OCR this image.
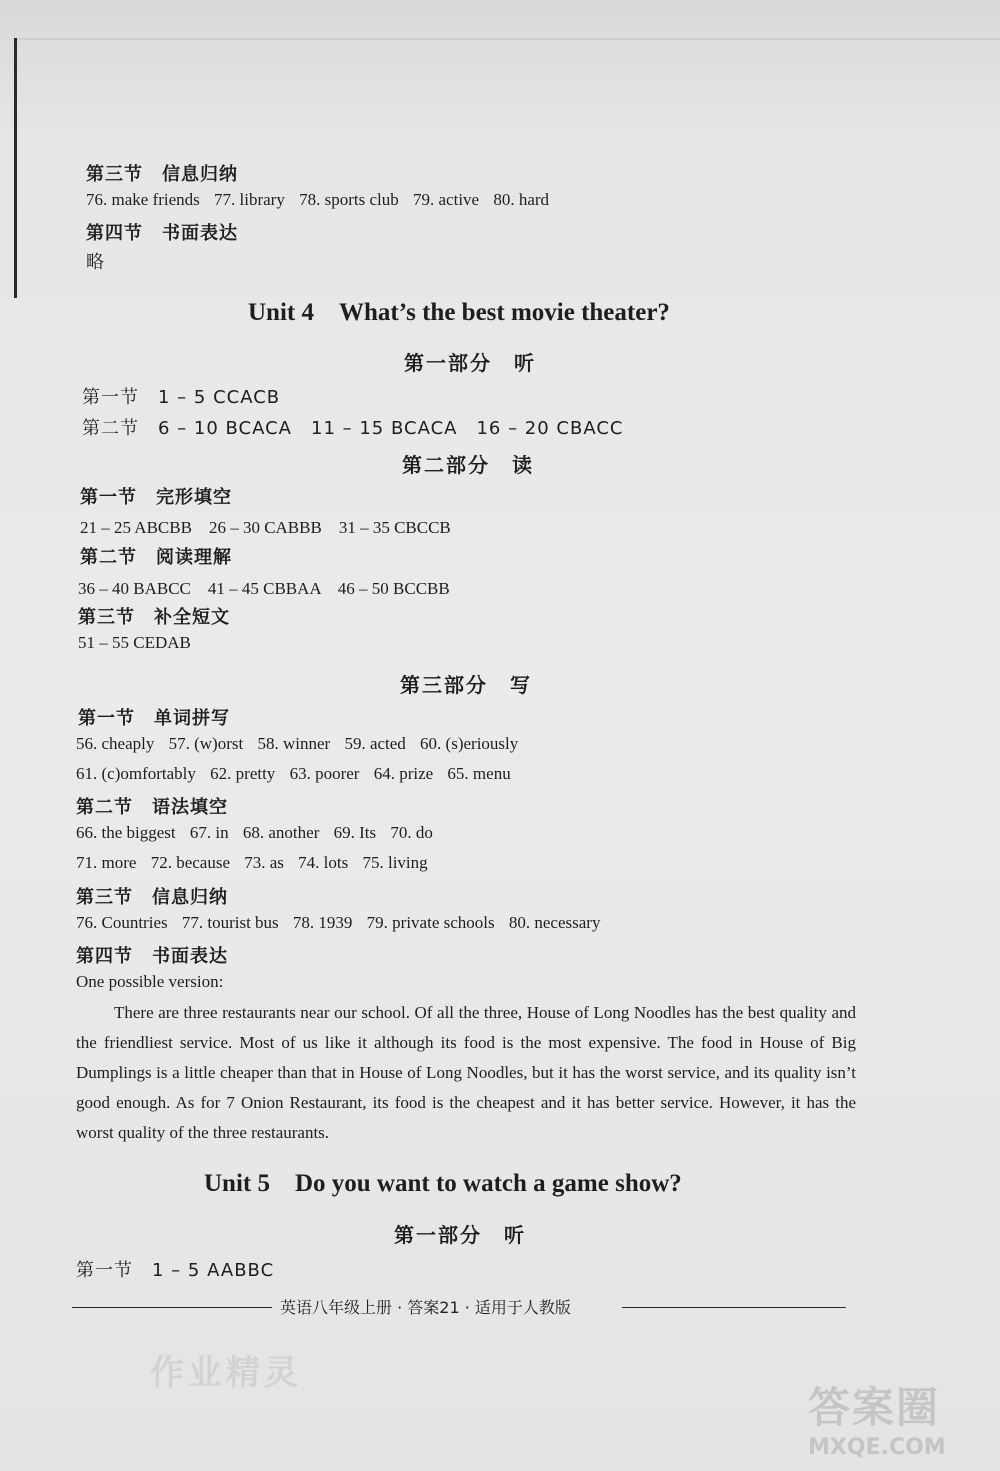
第三节　信息归纳
76. make friends 77. library 78. sports club 79. active 80. hard
第四节　书面表达
略
Unit 4　What’s the best movie theater?
第一部分　听
第一节　1 – 5 CCACB
第二节　6 – 10 BCACA　11 – 15 BCACA　16 – 20 CBACC
第二部分　读
第一节　完形填空
21 – 25 ABCBB　26 – 30 CABBB　31 – 35 CBCCB
第二节　阅读理解
36 – 40 BABCC　41 – 45 CBBAA　46 – 50 BCCBB
第三节　补全短文
51 – 55 CEDAB
第三部分　写
第一节　单词拼写
56. cheaply 57. (w)orst 58. winner 59. acted 60. (s)eriously
61. (c)omfortably 62. pretty 63. poorer 64. prize 65. menu
第二节　语法填空
66. the biggest 67. in 68. another 69. Its 70. do
71. more 72. because 73. as 74. lots 75. living
第三节　信息归纳
76. Countries 77. tourist bus 78. 1939 79. private schools 80. necessary
第四节　书面表达
One possible version:

There are three restaurants near our school. Of all the three, House of Long Noodles has the best quality and the friendliest service. Most of us like it although its food is the most expensive. The food in House of Big Dumplings is a little cheaper than that in House of Long Noodles, but it has the worst service, and its quality isn’t good enough. As for 7 Onion Restaurant, its food is the cheapest and it has better service. However, it has the worst quality of the three restaurants.

Unit 5　Do you want to watch a game show?
第一部分　听
第一节　1 – 5 AABBC
英语八年级上册 · 答案21 · 适用于人教版
作业精灵
答案圈
MXQE.COM
